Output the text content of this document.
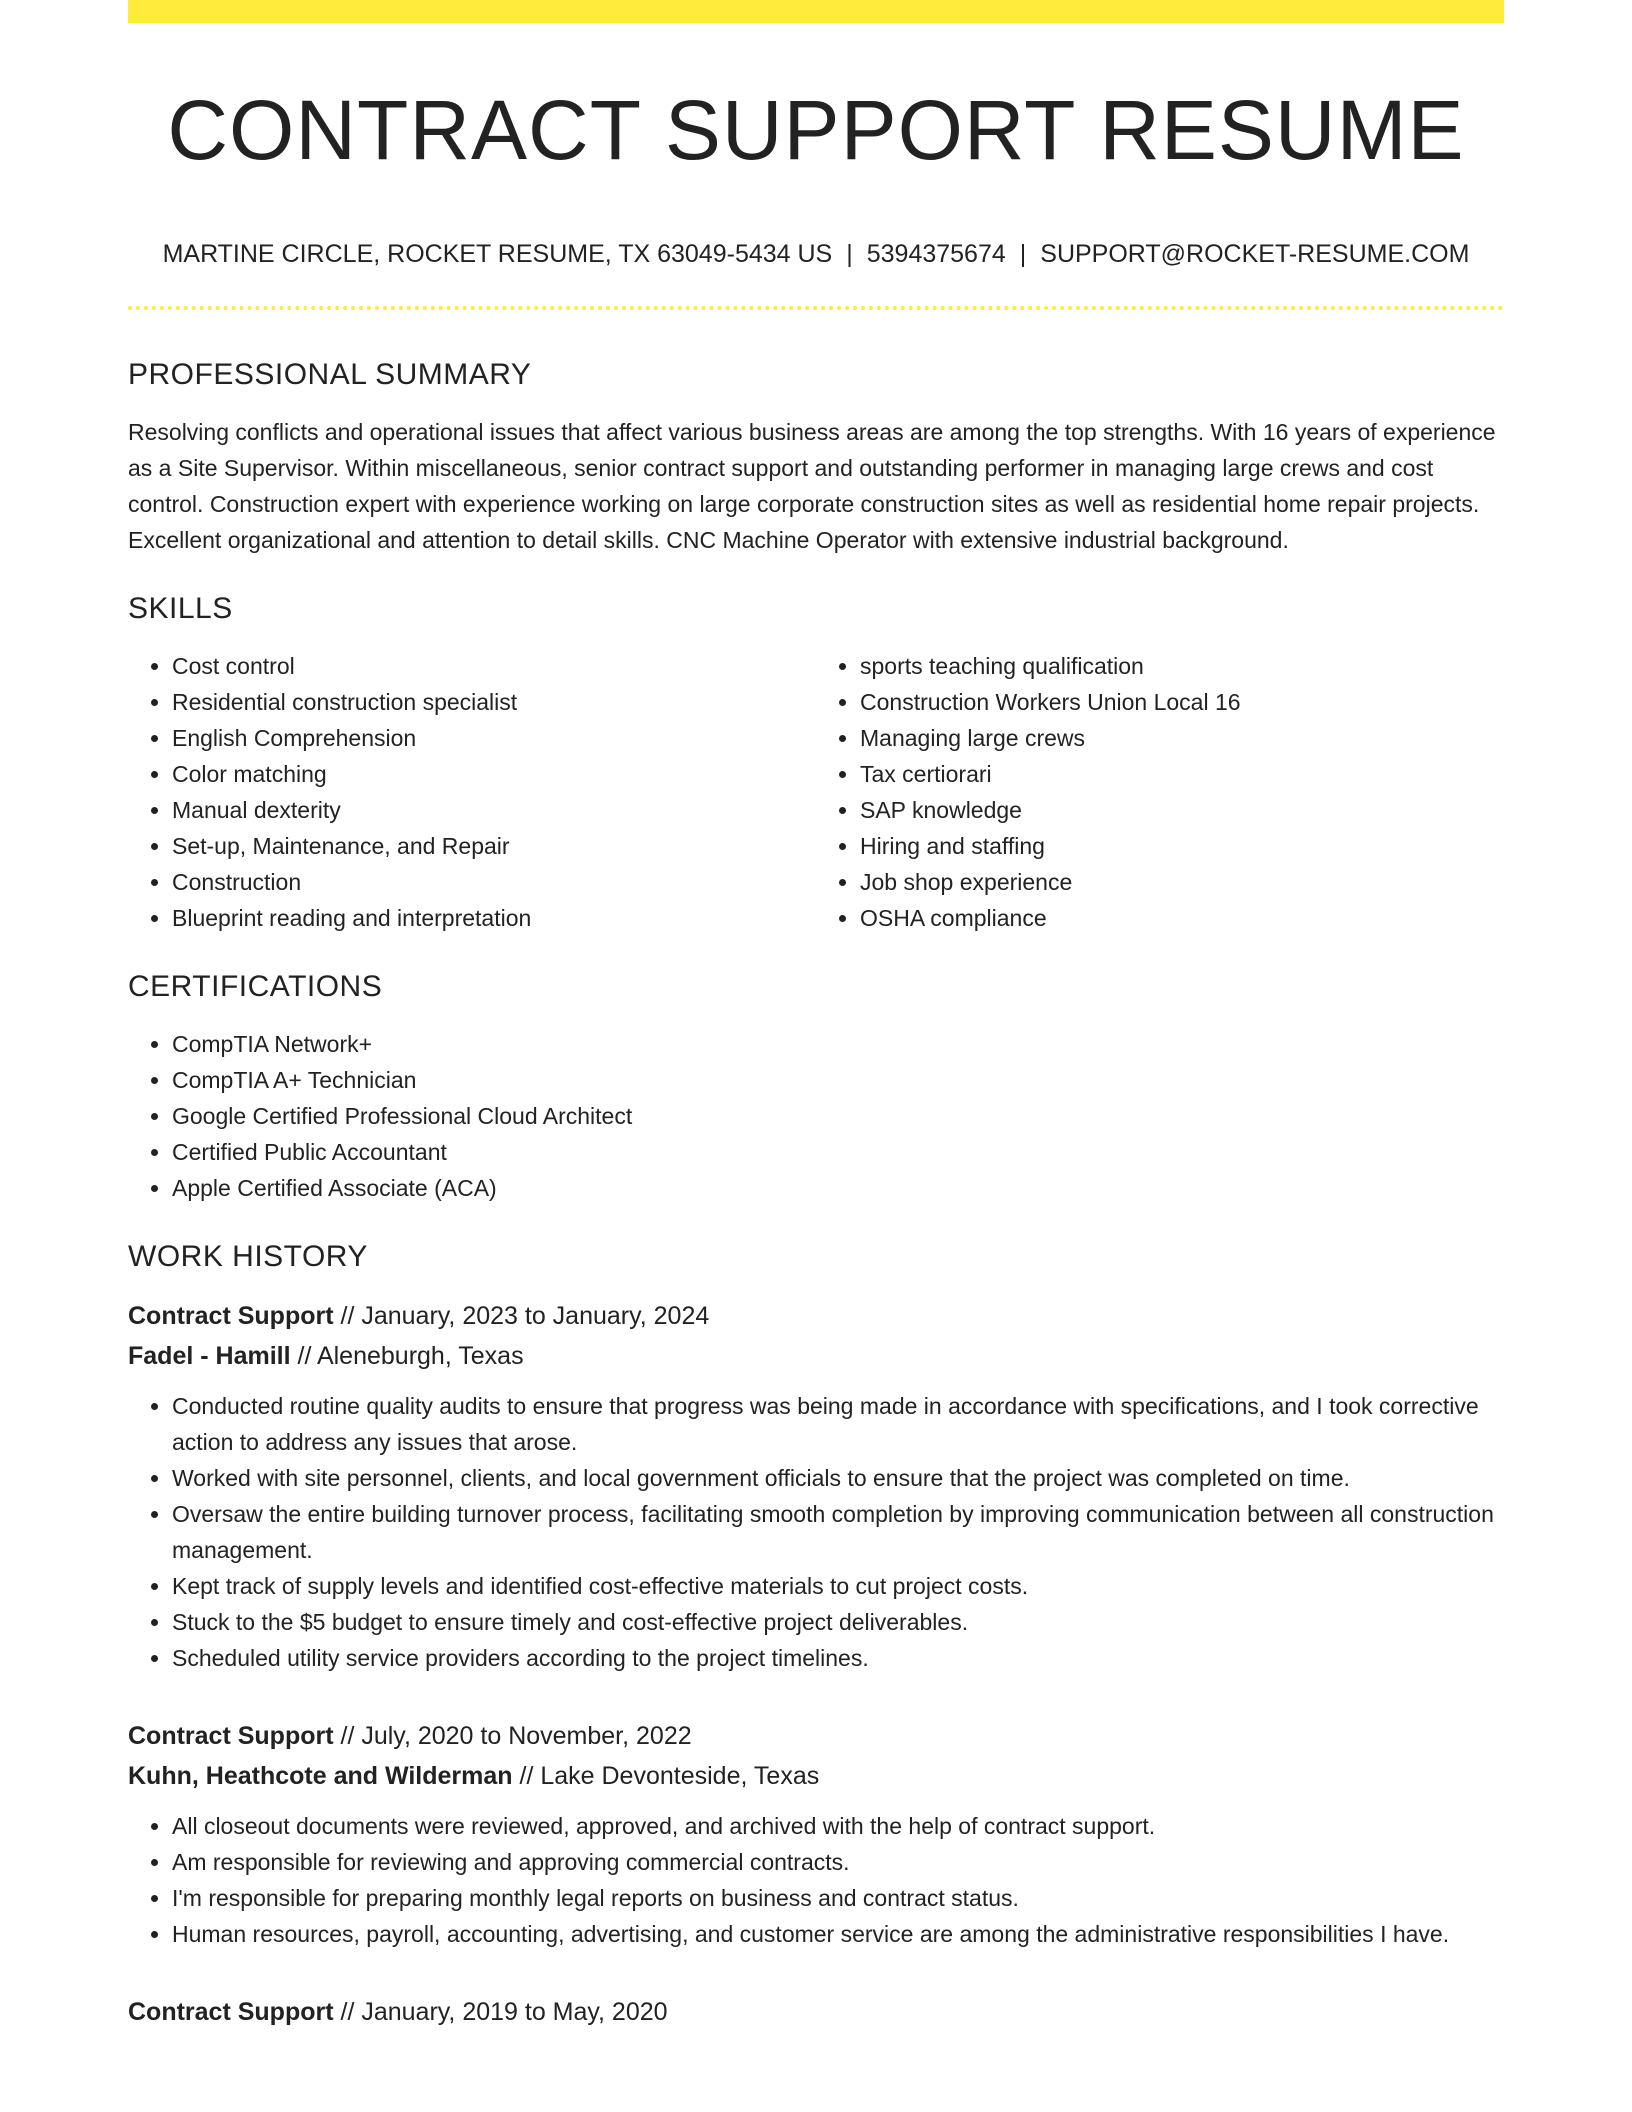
CONTRACT SUPPORT RESUME
MARTINE CIRCLE, ROCKET RESUME, TX 63049-5434 US | 5394375674 | SUPPORT@ROCKET-RESUME.COM
PROFESSIONAL SUMMARY

Resolving conflicts and operational issues that affect various business areas are among the top strengths. With 16 years of experience as a Site Supervisor. Within miscellaneous, senior contract support and outstanding performer in managing large crews and cost control. Construction expert with experience working on large corporate construction sites as well as residential home repair projects. Excellent organizational and attention to detail skills. CNC Machine Operator with extensive industrial background.

SKILLS
• Cost control
• Residential construction specialist
• English Comprehension
• Color matching
• Manual dexterity
• Set-up, Maintenance, and Repair
• Construction
• Blueprint reading and interpretation
• sports teaching qualification
• Construction Workers Union Local 16
• Managing large crews
• Tax certiorari
• SAP knowledge
• Hiring and staffing
• Job shop experience
• OSHA compliance
CERTIFICATIONS
• CompTIA Network+
• CompTIA A+ Technician
• Google Certified Professional Cloud Architect
• Certified Public Accountant
• Apple Certified Associate (ACA)
WORK HISTORY
Contract Support // January, 2023 to January, 2024
Fadel - Hamill // Aleneburgh, Texas
• Conducted routine quality audits to ensure that progress was being made in accordance with specifications, and I took corrective action to address any issues that arose.
• Worked with site personnel, clients, and local government officials to ensure that the project was completed on time.
• Oversaw the entire building turnover process, facilitating smooth completion by improving communication between all construction management.
• Kept track of supply levels and identified cost-effective materials to cut project costs.
• Stuck to the $5 budget to ensure timely and cost-effective project deliverables.
• Scheduled utility service providers according to the project timelines.
Contract Support // July, 2020 to November, 2022
Kuhn, Heathcote and Wilderman // Lake Devonteside, Texas
• All closeout documents were reviewed, approved, and archived with the help of contract support.
• Am responsible for reviewing and approving commercial contracts.
• I'm responsible for preparing monthly legal reports on business and contract status.
• Human resources, payroll, accounting, advertising, and customer service are among the administrative responsibilities I have.
Contract Support // January, 2019 to May, 2020
